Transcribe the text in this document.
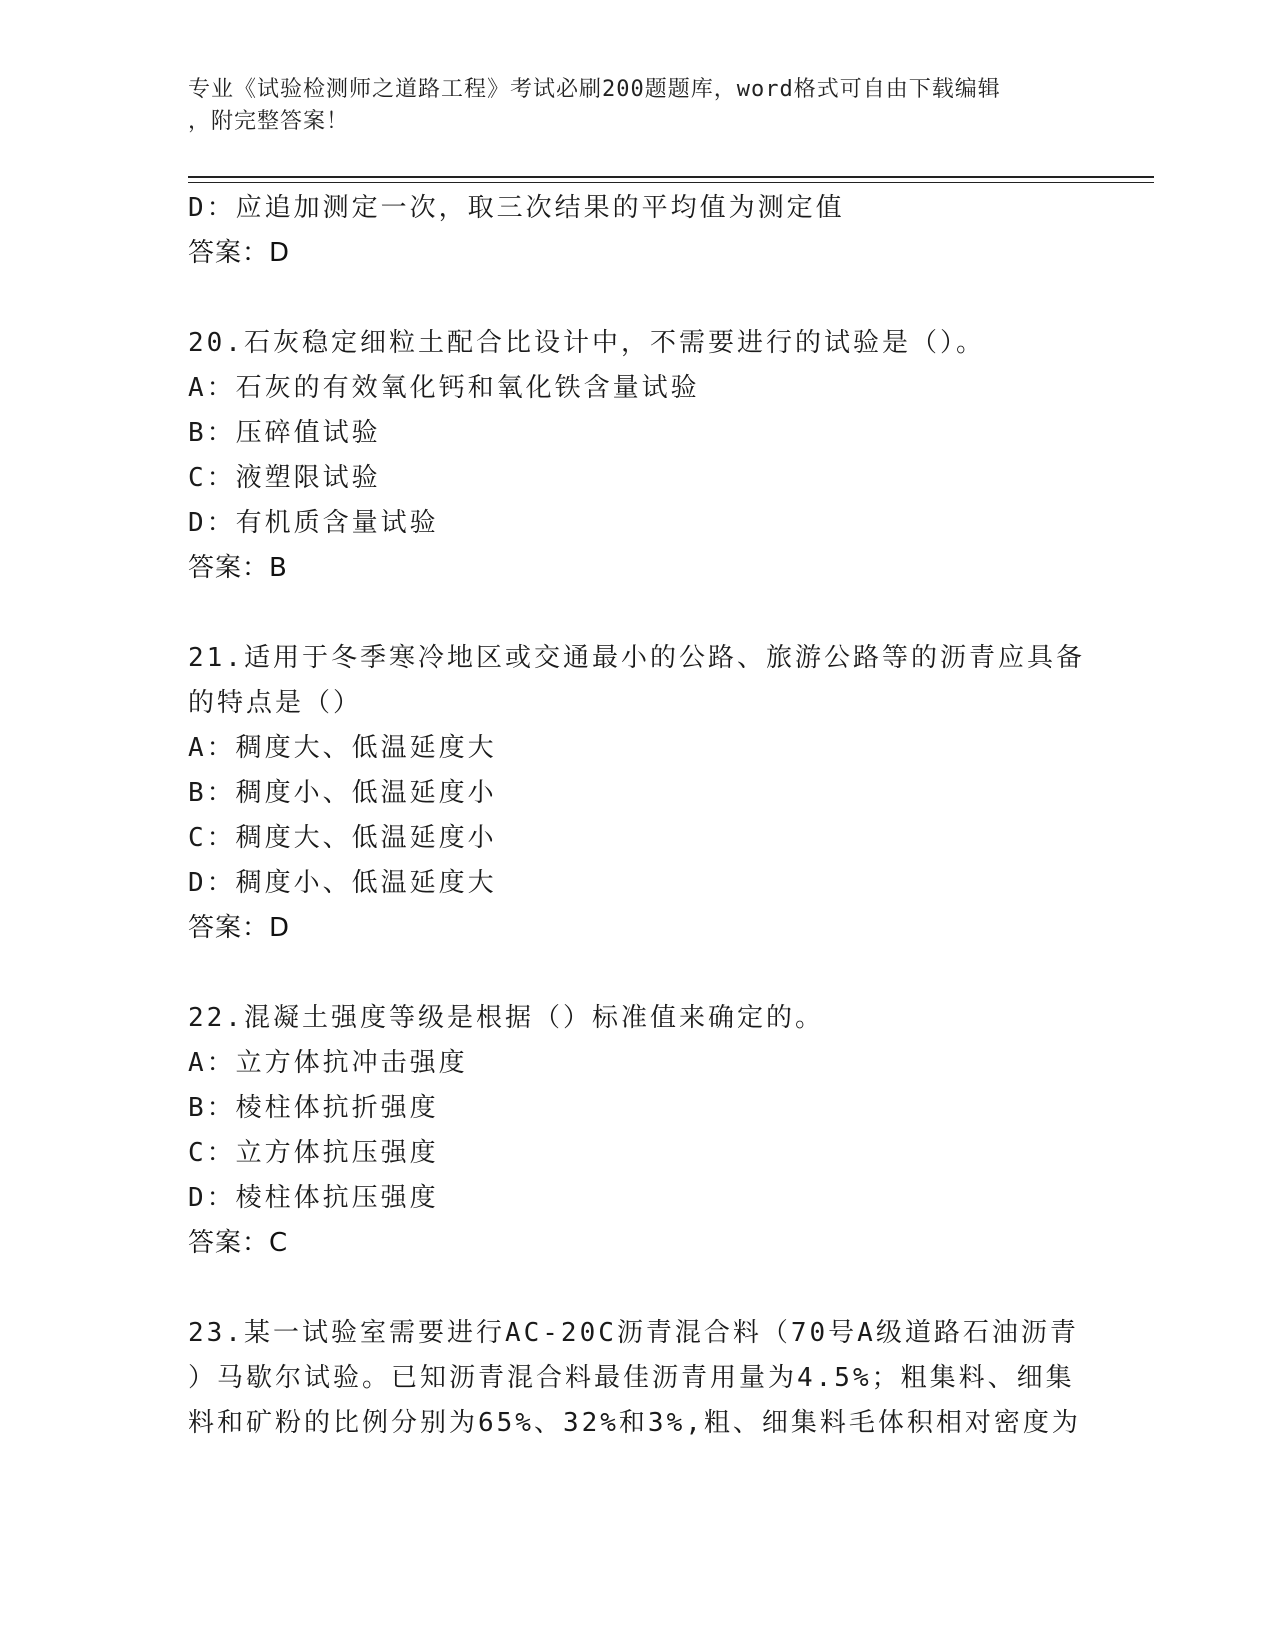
专业《试验检测师之道路工程》考试必刷200题题库，word格式可自由下载编辑
，附完整答案！
D：应追加测定一次，取三次结果的平均值为测定值
答案：D
20.石灰稳定细粒土配合比设计中，不需要进行的试验是（）。
A：石灰的有效氧化钙和氧化铁含量试验
B：压碎值试验
C：液塑限试验
D：有机质含量试验
答案：B
21.适用于冬季寒冷地区或交通最小的公路、旅游公路等的沥青应具备
的特点是（）
A：稠度大、低温延度大
B：稠度小、低温延度小
C：稠度大、低温延度小
D：稠度小、低温延度大
答案：D
22.混凝土强度等级是根据（）标准值来确定的。
A：立方体抗冲击强度
B：棱柱体抗折强度
C：立方体抗压强度
D：棱柱体抗压强度
答案：C
23.某一试验室需要进行AC-20C沥青混合料（70号A级道路石油沥青
）马歇尔试验。已知沥青混合料最佳沥青用量为4.5%；粗集料、细集
料和矿粉的比例分别为65%、32%和3%,粗、细集料毛体积相对密度为
